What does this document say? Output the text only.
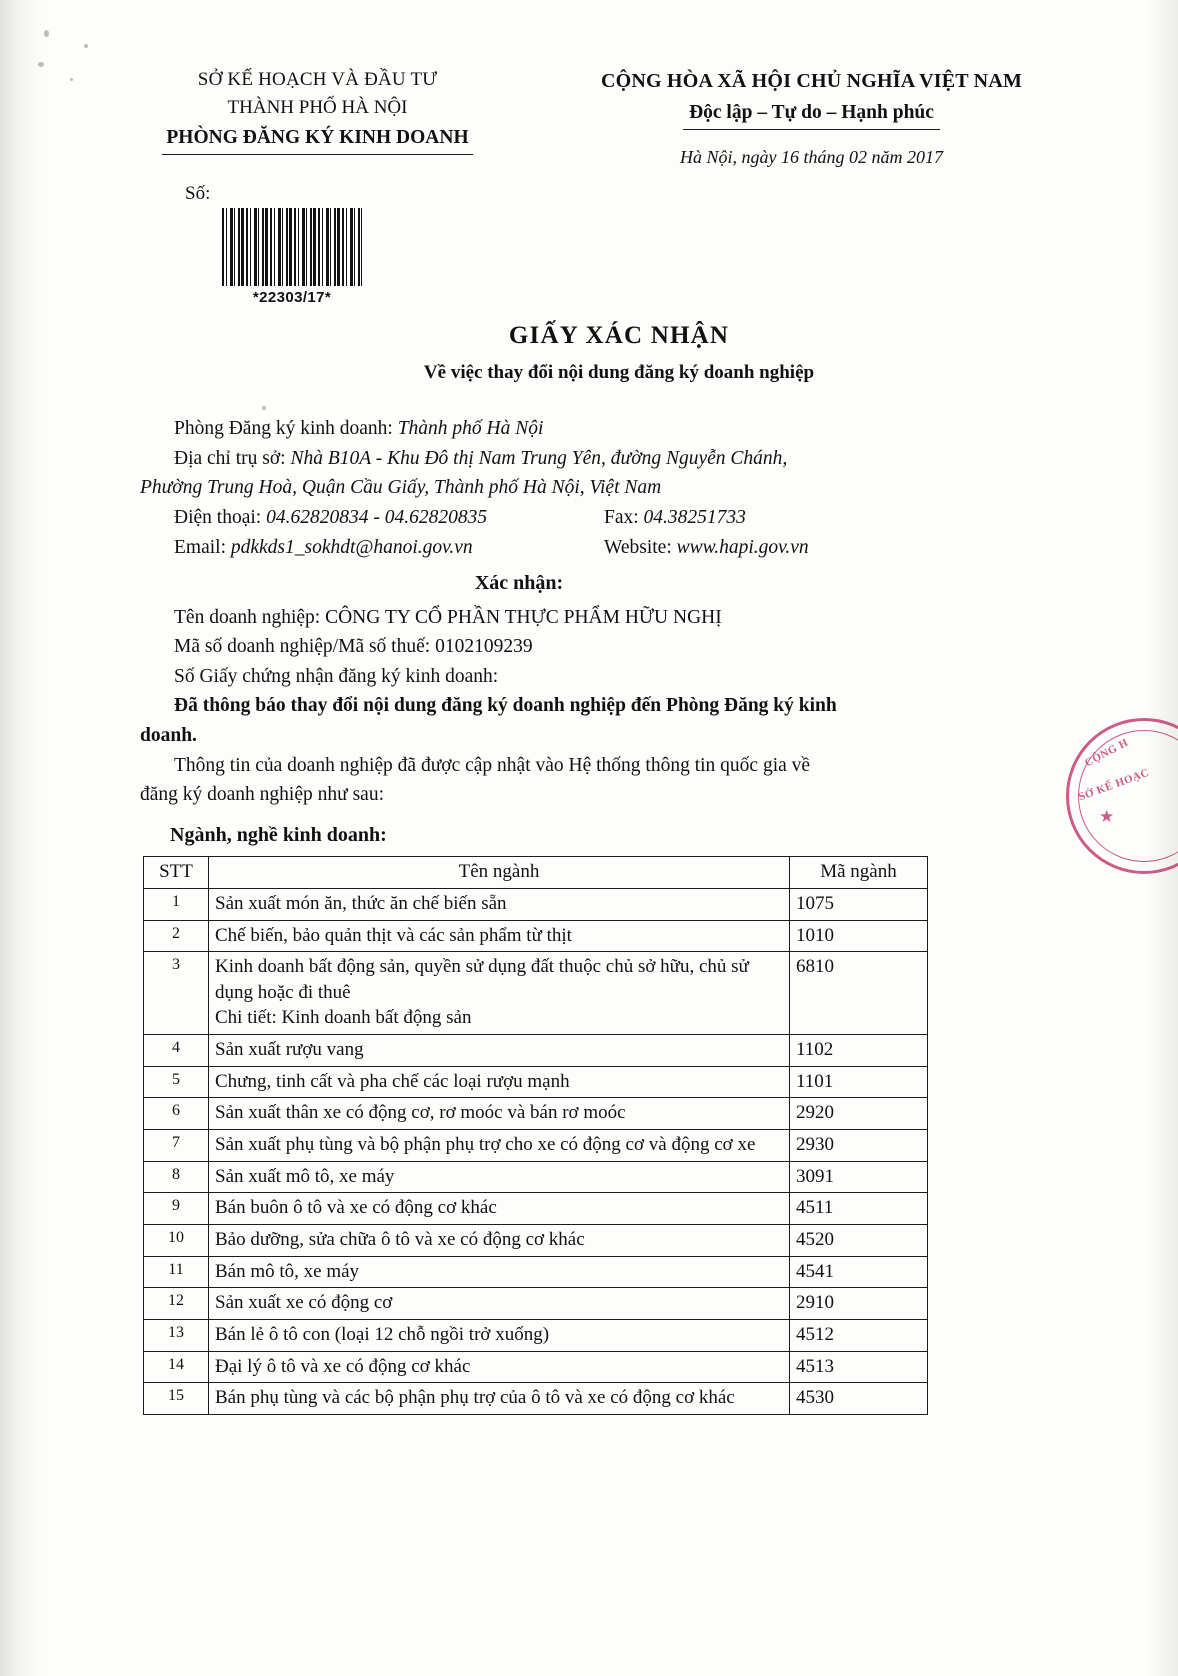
SỞ KẾ HOẠCH VÀ ĐẦU TƯ
THÀNH PHỐ HÀ NỘI
PHÒNG ĐĂNG KÝ KINH DOANH
CỘNG HÒA XÃ HỘI CHỦ NGHĨA VIỆT NAM
Độc lập – Tự do – Hạnh phúc
Hà Nội, ngày 16 tháng 02 năm 2017
Số:
*22303/17*
GIẤY XÁC NHẬN
Về việc thay đổi nội dung đăng ký doanh nghiệp
Phòng Đăng ký kinh doanh: Thành phố Hà Nội
Địa chỉ trụ sở: Nhà B10A - Khu Đô thị Nam Trung Yên, đường Nguyễn Chánh,
Phường Trung Hoà, Quận Cầu Giấy, Thành phố Hà Nội, Việt Nam
Điện thoại: 04.62820834 - 04.62820835	Fax: 04.38251733
Email: pdkkds1_sokhdt@hanoi.gov.vn	Website: www.hapi.gov.vn
Xác nhận:
Tên doanh nghiệp: CÔNG TY CỔ PHẦN THỰC PHẨM HỮU NGHỊ
Mã số doanh nghiệp/Mã số thuế: 0102109239
Số Giấy chứng nhận đăng ký kinh doanh:
Đã thông báo thay đổi nội dung đăng ký doanh nghiệp đến Phòng Đăng ký kinh
doanh.
Thông tin của doanh nghiệp đã được cập nhật vào Hệ thống thông tin quốc gia về
đăng ký doanh nghiệp như sau:
Ngành, nghề kinh doanh:
STT	Tên ngành	Mã ngành
1	Sản xuất món ăn, thức ăn chế biến sẵn	1075
2	Chế biến, bảo quản thịt và các sản phẩm từ thịt	1010
3	Kinh doanh bất động sản, quyền sử dụng đất thuộc chủ sở hữu, chủ sử dụng hoặc đi thuê
Chi tiết: Kinh doanh bất động sản	6810
4	Sản xuất rượu vang	1102
5	Chưng, tinh cất và pha chế các loại rượu mạnh	1101
6	Sản xuất thân xe có động cơ, rơ moóc và bán rơ moóc	2920
7	Sản xuất phụ tùng và bộ phận phụ trợ cho xe có động cơ và động cơ xe	2930
8	Sản xuất mô tô, xe máy	3091
9	Bán buôn ô tô và xe có động cơ khác	4511
10	Bảo dưỡng, sửa chữa ô tô và xe có động cơ khác	4520
11	Bán mô tô, xe máy	4541
12	Sản xuất xe có động cơ	2910
13	Bán lẻ ô tô con (loại 12 chỗ ngồi trở xuống)	4512
14	Đại lý ô tô và xe có động cơ khác	4513
15	Bán phụ tùng và các bộ phận phụ trợ của ô tô và xe có động cơ khác	4530
CỘNG H
SỞ KẾ HOẠC
★
